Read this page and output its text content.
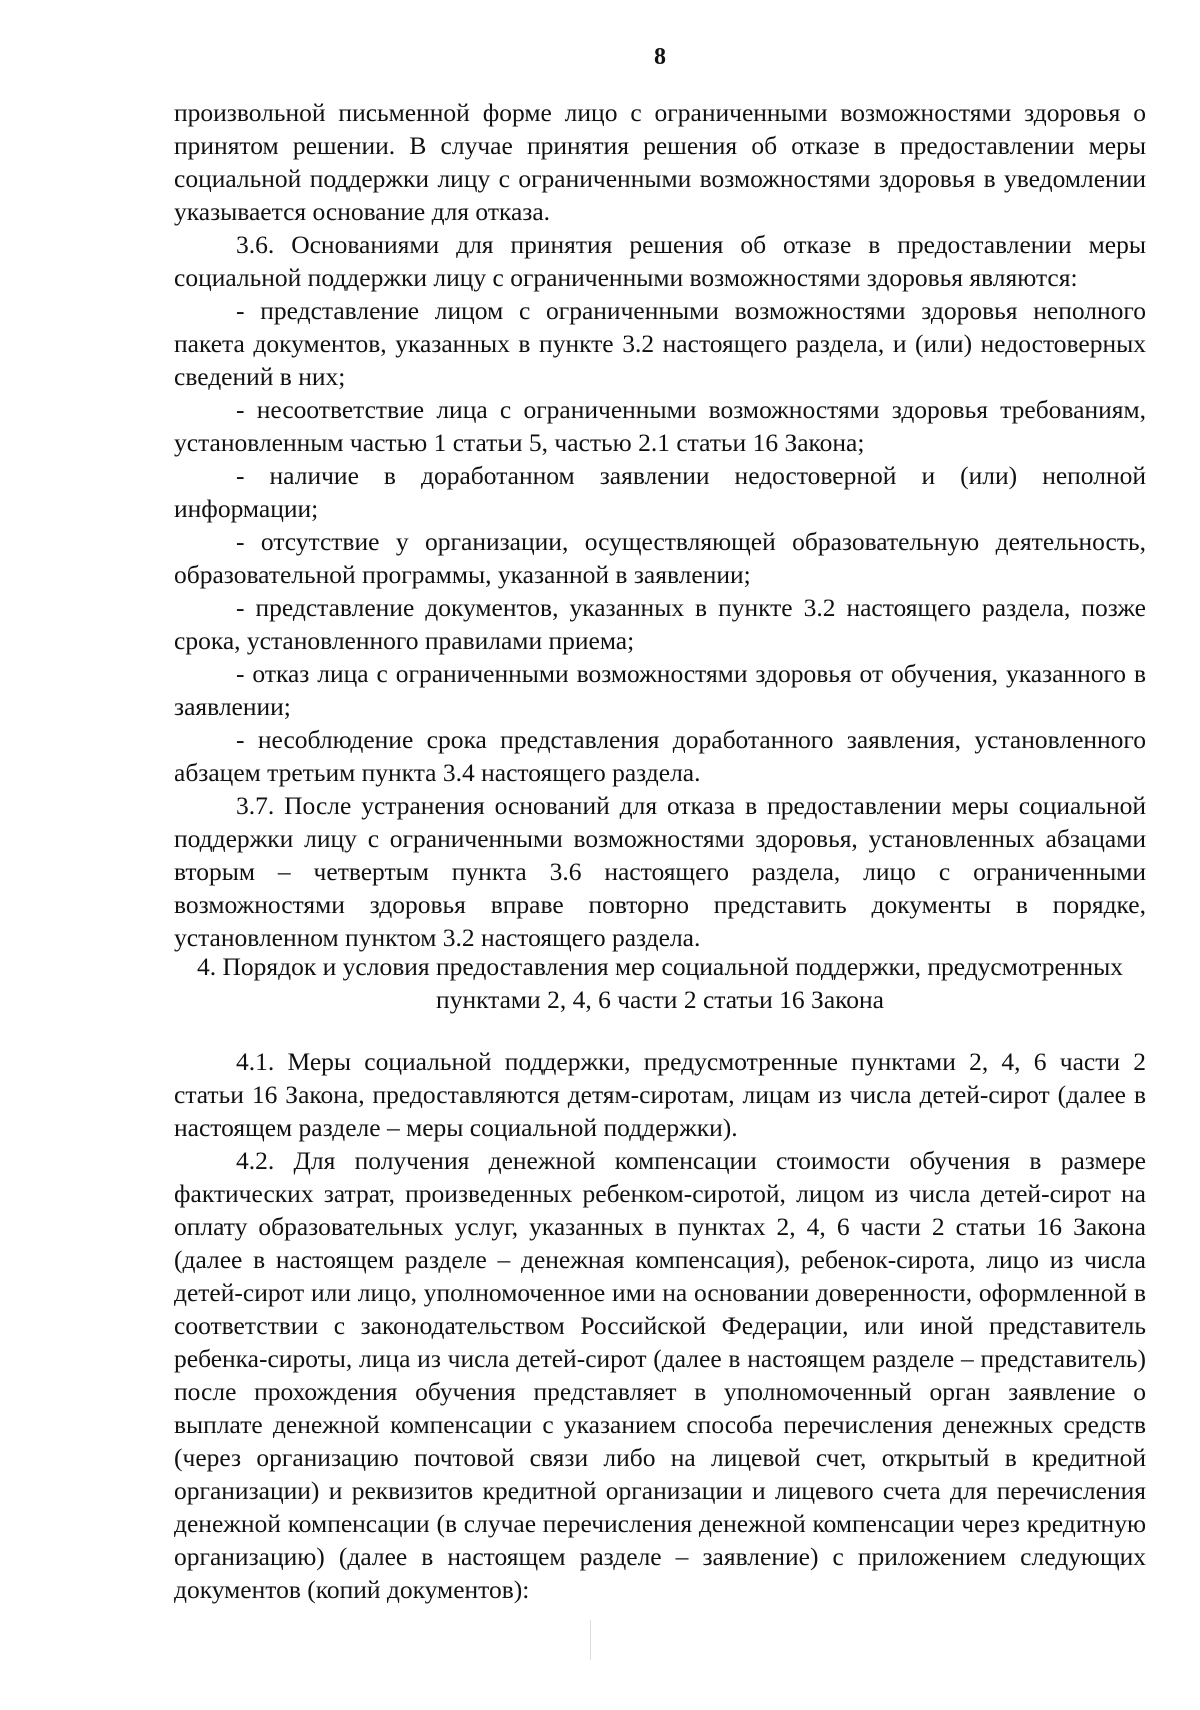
8

произвольной письменной форме лицо с ограниченными возможностями здоровья о принятом решении. В случае принятия решения об отказе в предоставлении меры социальной поддержки лицу с ограниченными возможностями здоровья в уведомлении указывается основание для отказа.

3.6. Основаниями для принятия решения об отказе в предоставлении меры социальной поддержки лицу с ограниченными возможностями здоровья являются:

- представление лицом с ограниченными возможностями здоровья неполного пакета документов, указанных в пункте 3.2 настоящего раздела, и (или) недостоверных сведений в них;

- несоответствие лица с ограниченными возможностями здоровья требованиям, установленным частью 1 статьи 5, частью 2.1 статьи 16 Закона;

- наличие в доработанном заявлении недостоверной и (или) неполной информации;

- отсутствие у организации, осуществляющей образовательную деятельность, образовательной программы, указанной в заявлении;

- представление документов, указанных в пункте 3.2 настоящего раздела, позже срока, установленного правилами приема;

- отказ лица с ограниченными возможностями здоровья от обучения, указанного в заявлении;

- несоблюдение срока представления доработанного заявления, установленного абзацем третьим пункта 3.4 настоящего раздела.

3.7. После устранения оснований для отказа в предоставлении меры социальной поддержки лицу с ограниченными возможностями здоровья, установленных абзацами вторым – четвертым пункта 3.6 настоящего раздела, лицо с ограниченными возможностями здоровья вправе повторно представить документы в порядке, установленном пунктом 3.2 настоящего раздела.

4. Порядок и условия предоставления мер социальной поддержки, предусмотренных пунктами 2, 4, 6 части 2 статьи 16 Закона

4.1. Меры социальной поддержки, предусмотренные пунктами 2, 4, 6 части 2 статьи 16 Закона, предоставляются детям-сиротам, лицам из числа детей-сирот (далее в настоящем разделе – меры социальной поддержки).

4.2. Для получения денежной компенсации стоимости обучения в размере фактических затрат, произведенных ребенком-сиротой, лицом из числа детей-сирот на оплату образовательных услуг, указанных в пунктах 2, 4, 6 части 2 статьи 16 Закона (далее в настоящем разделе – денежная компенсация), ребенок-сирота, лицо из числа детей-сирот или лицо, уполномоченное ими на основании доверенности, оформленной в соответствии с законодательством Российской Федерации, или иной представитель ребенка-сироты, лица из числа детей-сирот (далее в настоящем разделе – представитель) после прохождения обучения представляет в уполномоченный орган заявление о выплате денежной компенсации с указанием способа перечисления денежных средств (через организацию почтовой связи либо на лицевой счет, открытый в кредитной организации) и реквизитов кредитной организации и лицевого счета для перечисления денежной компенсации (в случае перечисления денежной компенсации через кредитную организацию) (далее в настоящем разделе – заявление) с приложением следующих документов (копий документов):
